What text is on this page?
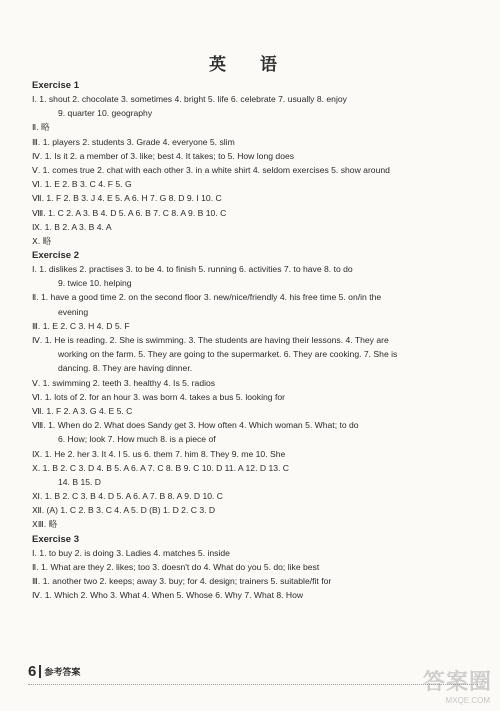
英 语
Exercise 1
Ⅰ. 1. shout 2. chocolate 3. sometimes 4. bright 5. life 6. celebrate 7. usually 8. enjoy
9. quarter 10. geography
Ⅱ. 略
Ⅲ. 1. players 2. students 3. Grade 4. everyone 5. slim
Ⅳ. 1. Is it 2. a member of 3. like; best 4. It takes; to 5. How long does
Ⅴ. 1. comes true 2. chat with each other 3. in a white shirt 4. seldom exercises 5. show around
Ⅵ. 1. E 2. B 3. C 4. F 5. G
Ⅶ. 1. F 2. B 3. J 4. E 5. A 6. H 7. G 8. D 9. I 10. C
Ⅷ. 1. C 2. A 3. B 4. D 5. A 6. B 7. C 8. A 9. B 10. C
Ⅸ. 1. B 2. A 3. B 4. A
Ⅹ. 略
Exercise 2
Ⅰ. 1. dislikes 2. practises 3. to be 4. to finish 5. running 6. activities 7. to have 8. to do
9. twice 10. helping
Ⅱ. 1. have a good time 2. on the second floor 3. new/nice/friendly 4. his free time 5. on/in the
evening
Ⅲ. 1. E 2. C 3. H 4. D 5. F
Ⅳ. 1. He is reading. 2. She is swimming. 3. The students are having their lessons. 4. They are
working on the farm. 5. They are going to the supermarket. 6. They are cooking. 7. She is
dancing. 8. They are having dinner.
Ⅴ. 1. swimming 2. teeth 3. healthy 4. Is 5. radios
Ⅵ. 1. lots of 2. for an hour 3. was born 4. takes a bus 5. looking for
Ⅶ. 1. F 2. A 3. G 4. E 5. C
Ⅷ. 1. When do 2. What does Sandy get 3. How often 4. Which woman 5. What; to do
6. How; look 7. How much 8. is a piece of
Ⅸ. 1. He 2. her 3. It 4. I 5. us 6. them 7. him 8. They 9. me 10. She
Ⅹ. 1. B 2. C 3. D 4. B 5. A 6. A 7. C 8. B 9. C 10. D 11. A 12. D 13. C
14. B 15. D
Ⅺ. 1. B 2. C 3. B 4. D 5. A 6. A 7. B 8. A 9. D 10. C
Ⅻ. (A) 1. C 2. B 3. C 4. A 5. D (B) 1. D 2. C 3. D
ⅩⅢ. 略
Exercise 3
Ⅰ. 1. to buy 2. is doing 3. Ladies 4. matches 5. inside
Ⅱ. 1. What are they 2. likes; too 3. doesn't do 4. What do you 5. do; like best
Ⅲ. 1. another two 2. keeps; away 3. buy; for 4. design; trainers 5. suitable/fit for
Ⅳ. 1. Which 2. Who 3. What 4. When 5. Whose 6. Why 7. What 8. How
6 参考答案	答案圈
MXQE.COM
